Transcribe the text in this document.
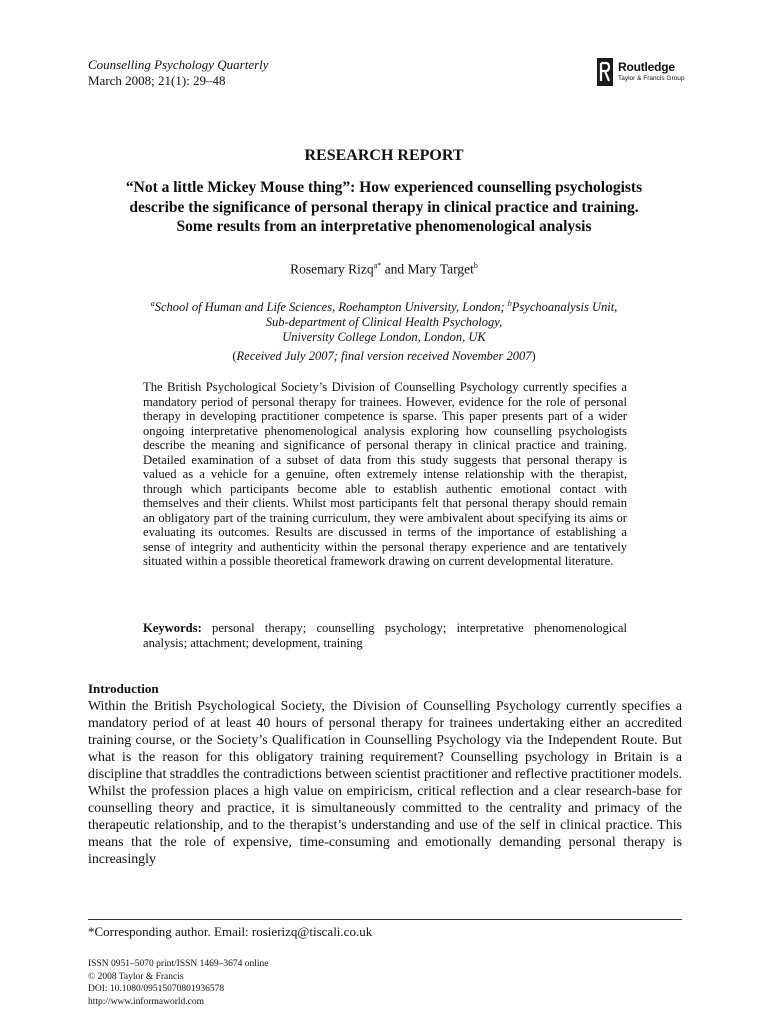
Counselling Psychology Quarterly
March 2008; 21(1): 29–48
Routledge
Taylor & Francis Group
RESEARCH REPORT
“Not a little Mickey Mouse thing”: How experienced counselling psychologists describe the significance of personal therapy in clinical practice and training. Some results from an interpretative phenomenological analysis
Rosemary Rizq$^{a*}$ and Mary Target$^b$
$^a$School of Human and Life Sciences, Roehampton University, London; $^b$Psychoanalysis Unit,
Sub-department of Clinical Health Psychology,
University College London, London, UK
(Received July 2007; final version received November 2007)
The British Psychological Society’s Division of Counselling Psychology currently specifies a mandatory period of personal therapy for trainees. However, evidence for the role of personal therapy in developing practitioner competence is sparse. This paper presents part of a wider ongoing interpretative phenomenological analysis exploring how counselling psychologists describe the meaning and significance of personal therapy in clinical practice and training. Detailed examination of a subset of data from this study suggests that personal therapy is valued as a vehicle for a genuine, often extremely intense relationship with the therapist, through which participants become able to establish authentic emotional contact with themselves and their clients. Whilst most participants felt that personal therapy should remain an obligatory part of the training curriculum, they were ambivalent about specifying its aims or evaluating its outcomes. Results are discussed in terms of the importance of establishing a sense of integrity and authenticity within the personal therapy experience and are tentatively situated within a possible theoretical framework drawing on current developmental literature.
Keywords: personal therapy; counselling psychology; interpretative phenomenological analysis; attachment; development, training
Introduction
Within the British Psychological Society, the Division of Counselling Psychology currently specifies a mandatory period of at least 40 hours of personal therapy for trainees undertaking either an accredited training course, or the Society’s Qualification in Counselling Psychology via the Independent Route. But what is the reason for this obligatory training requirement? Counselling psychology in Britain is a discipline that straddles the contradictions between scientist practitioner and reflective practitioner models. Whilst the profession places a high value on empiricism, critical reflection and a clear research-base for counselling theory and practice, it is simultaneously committed to the centrality and primacy of the therapeutic relationship, and to the therapist’s understanding and use of the self in clinical practice. This means that the role of expensive, time-consuming and emotionally demanding personal therapy is increasingly
*Corresponding author. Email: rosierizq@tiscali.co.uk
ISSN 0951–5070 print/ISSN 1469–3674 online
© 2008 Taylor & Francis
DOI: 10.1080/09515070801936578
http://www.informaworld.com
